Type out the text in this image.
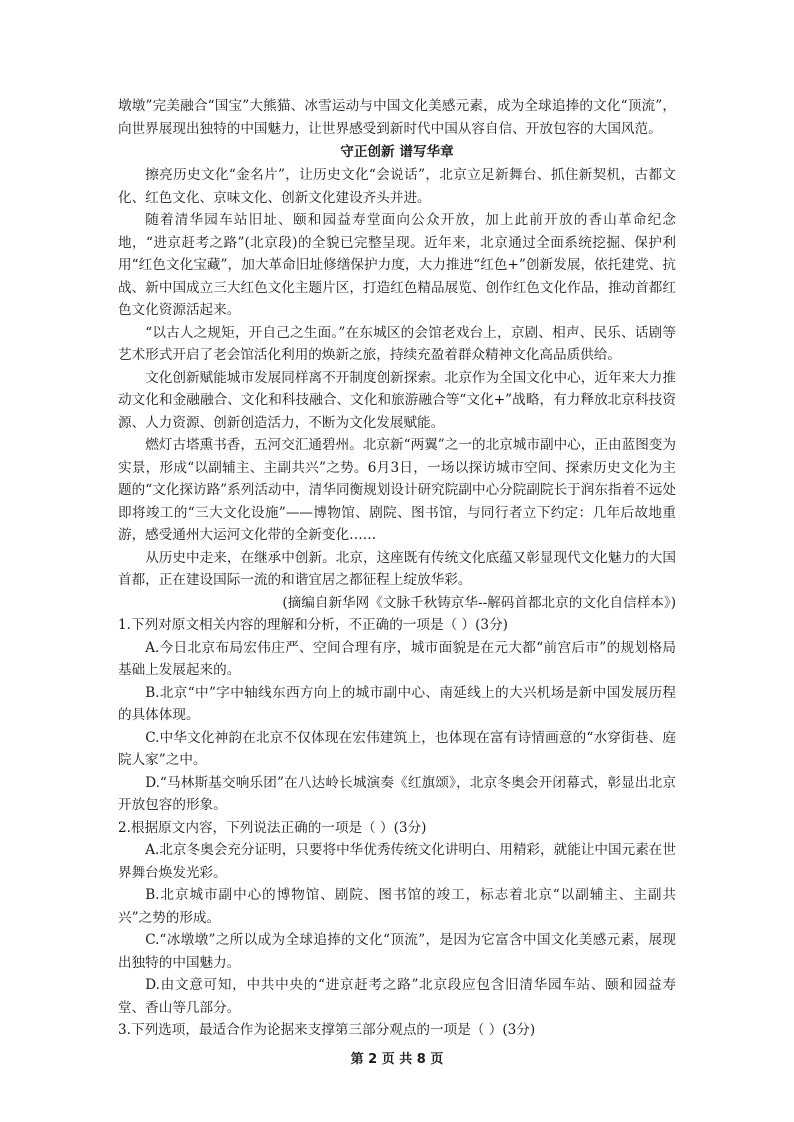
墩墩”完美融合“国宝”大熊猫、冰雪运动与中国文化美感元素，成为全球追捧的文化“顶流”，向世界展现出独特的中国魅力，让世界感受到新时代中国从容自信、开放包容的大国风范。

守正创新 谱写华章

擦亮历史文化“金名片”，让历史文化“会说话”，北京立足新舞台、抓住新契机，古都文化、红色文化、京味文化、创新文化建设齐头并进。

随着清华园车站旧址、颐和园益寿堂面向公众开放，加上此前开放的香山革命纪念地，“进京赶考之路”(北京段)的全貌已完整呈现。近年来，北京通过全面系统挖掘、保护利用“红色文化宝藏”，加大革命旧址修缮保护力度，大力推进“红色+”创新发展，依托建党、抗战、新中国成立三大红色文化主题片区，打造红色精品展览、创作红色文化作品，推动首都红色文化资源活起来。

“以古人之规矩，开自己之生面。”在东城区的会馆老戏台上，京剧、相声、民乐、话剧等艺术形式开启了老会馆活化利用的焕新之旅，持续充盈着群众精神文化高品质供给。

文化创新赋能城市发展同样离不开制度创新探索。北京作为全国文化中心，近年来大力推动文化和金融融合、文化和科技融合、文化和旅游融合等“文化+”战略，有力释放北京科技资源、人力资源、创新创造活力，不断为文化发展赋能。

燃灯古塔熏书香，五河交汇通碧州。北京新“两翼”之一的北京城市副中心，正由蓝图变为实景，形成“以副辅主、主副共兴”之势。6月3日，一场以探访城市空间、探索历史文化为主题的“文化探访路”系列活动中，清华同衡规划设计研究院副中心分院副院长于润东指着不远处即将竣工的“三大文化设施”——博物馆、剧院、图书馆，与同行者立下约定：几年后故地重游，感受通州大运河文化带的全新变化……

从历史中走来，在继承中创新。北京，这座既有传统文化底蕴又彰显现代文化魅力的大国首都，正在建设国际一流的和谐宜居之都征程上绽放华彩。

(摘编自新华网《文脉千秋铸京华--解码首都北京的文化自信样本》)

1.下列对原文相关内容的理解和分析，不正确的一项是（ ）(3分)

A.今日北京布局宏伟庄严、空间合理有序，城市面貌是在元大都“前宫后市”的规划格局基础上发展起来的。

B.北京“中”字中轴线东西方向上的城市副中心、南延线上的大兴机场是新中国发展历程的具体体现。

C.中华文化神韵在北京不仅体现在宏伟建筑上，也体现在富有诗情画意的“水穿街巷、庭院人家”之中。

D.“马林斯基交响乐团”在八达岭长城演奏《红旗颂》，北京冬奥会开闭幕式，彰显出北京开放包容的形象。

2.根据原文内容，下列说法正确的一项是（ ）(3分)

A.北京冬奥会充分证明，只要将中华优秀传统文化讲明白、用精彩，就能让中国元素在世界舞台焕发光彩。

B.北京城市副中心的博物馆、剧院、图书馆的竣工，标志着北京“以副辅主、主副共兴”之势的形成。

C.“冰墩墩”之所以成为全球追捧的文化“顶流”，是因为它富含中国文化美感元素，展现出独特的中国魅力。

D.由文意可知，中共中央的“进京赶考之路”北京段应包含旧清华园车站、颐和园益寿堂、香山等几部分。

3.下列选项，最适合作为论据来支撑第三部分观点的一项是（ ）(3分)

第 2 页 共 8 页
